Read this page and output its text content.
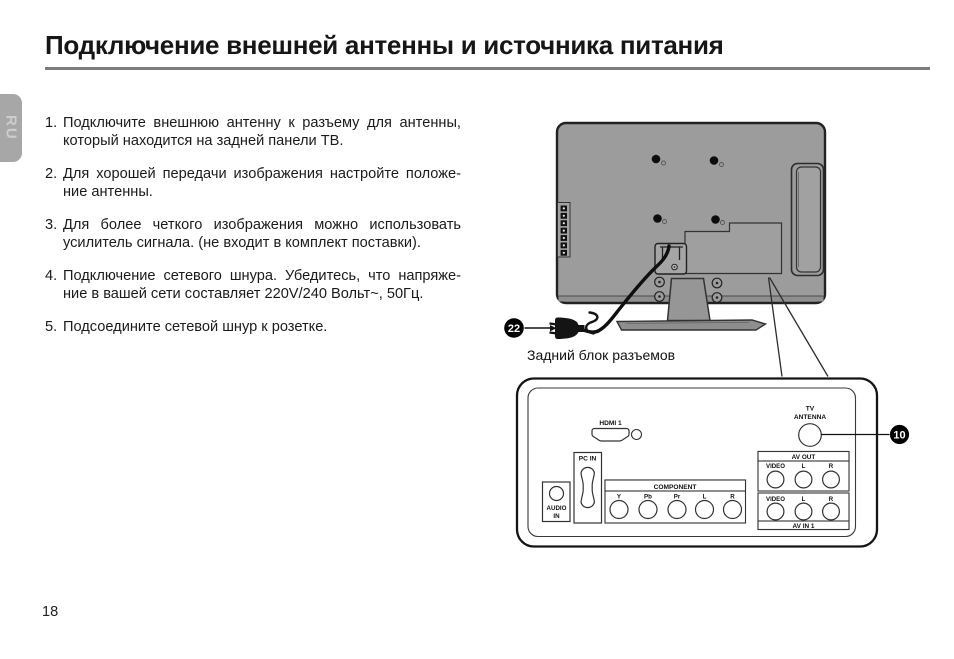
Подключение внешней антенны и источника питания
RU 1. Подключите внешнюю антенну к разъему для антенны,
который находится на задней панели ТВ.
2. Для хорошей передачи изображения настройте положе-
ние антенны.
3. Для более четкого изображения можно использовать
усилитель сигнала. (не входит в комплект поставки).
4. Подключение сетевого шнура. Убедитесь, что напряже-
ние в вашей сети составляет 220V/240 Вольт~, 50Гц.
5. Подсоедините сетевой шнур к розетке.	22
HDMI 1
TV
ANTENNA
PC IN
AUDIO
IN
COMPONENT
Y	Pb	Pr	L	R
AV OUT
VIDEO	L	R
VIDEO	L	R
AV IN 1
10
Задний блок разъемов
18
